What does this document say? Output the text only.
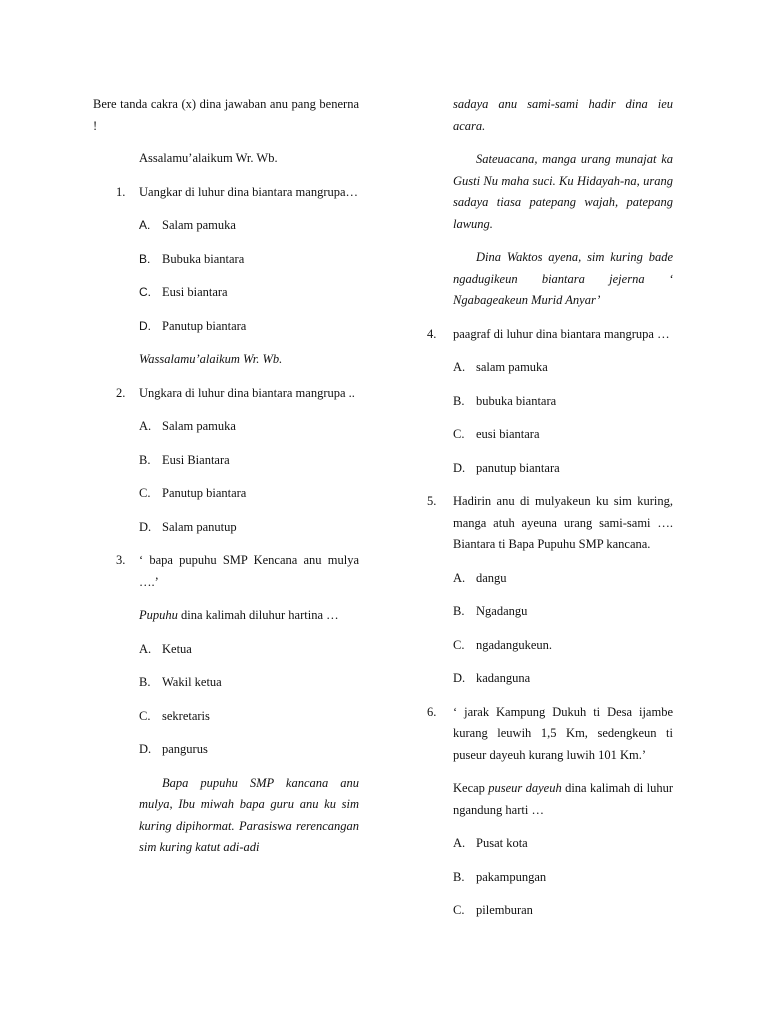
Bere tanda cakra (x) dina jawaban anu pang benerna !

Assalamu’alaikum Wr. Wb.

1.	Uangkar di luhur dina biantara mangrupa…
A. Salam pamuka
B. Bubuka biantara
C. Eusi biantara
D. Panutup biantara

Wassalamu’alaikum Wr. Wb.

2.	Ungkara di luhur dina biantara mangrupa ..
A. Salam pamuka
B. Eusi Biantara
C. Panutup biantara
D. Salam panutup
3.	‘ bapa pupuhu SMP Kencana anu mulya ….’

Pupuhu dina kalimah diluhur hartina …

A. Ketua
B. Wakil ketua
C. sekretaris
D. pangurus

Bapa pupuhu SMP kancana anu mulya, Ibu miwah bapa guru anu ku sim kuring dipihormat. Parasiswa rerencangan sim kuring katut adi-adi

sadaya anu sami-sami hadir dina ieu acara.

Sateuacana, manga urang munajat ka Gusti Nu maha suci. Ku Hidayah-na, urang sadaya tiasa patepang wajah, patepang lawung.

Dina Waktos ayena, sim kuring bade ngadugikeun biantara jejerna ‘ Ngabageakeun Murid Anyar’

4.	paagraf di luhur dina biantara mangrupa …
A. salam pamuka
B. bubuka biantara
C. eusi biantara
D. panutup biantara
5.	Hadirin anu di mulyakeun ku sim kuring, manga atuh ayeuna urang sami-sami …. Biantara ti Bapa Pupuhu SMP kancana.
A. dangu
B. Ngadangu
C. ngadangukeun.
D. kadanguna
6.	‘ jarak Kampung Dukuh ti Desa ijambe kurang leuwih 1,5 Km, sedengkeun ti puseur dayeuh kurang luwih 101 Km.’

Kecap puseur dayeuh dina kalimah di luhur ngandung harti …

A. Pusat kota
B. pakampungan
C. pilemburan
